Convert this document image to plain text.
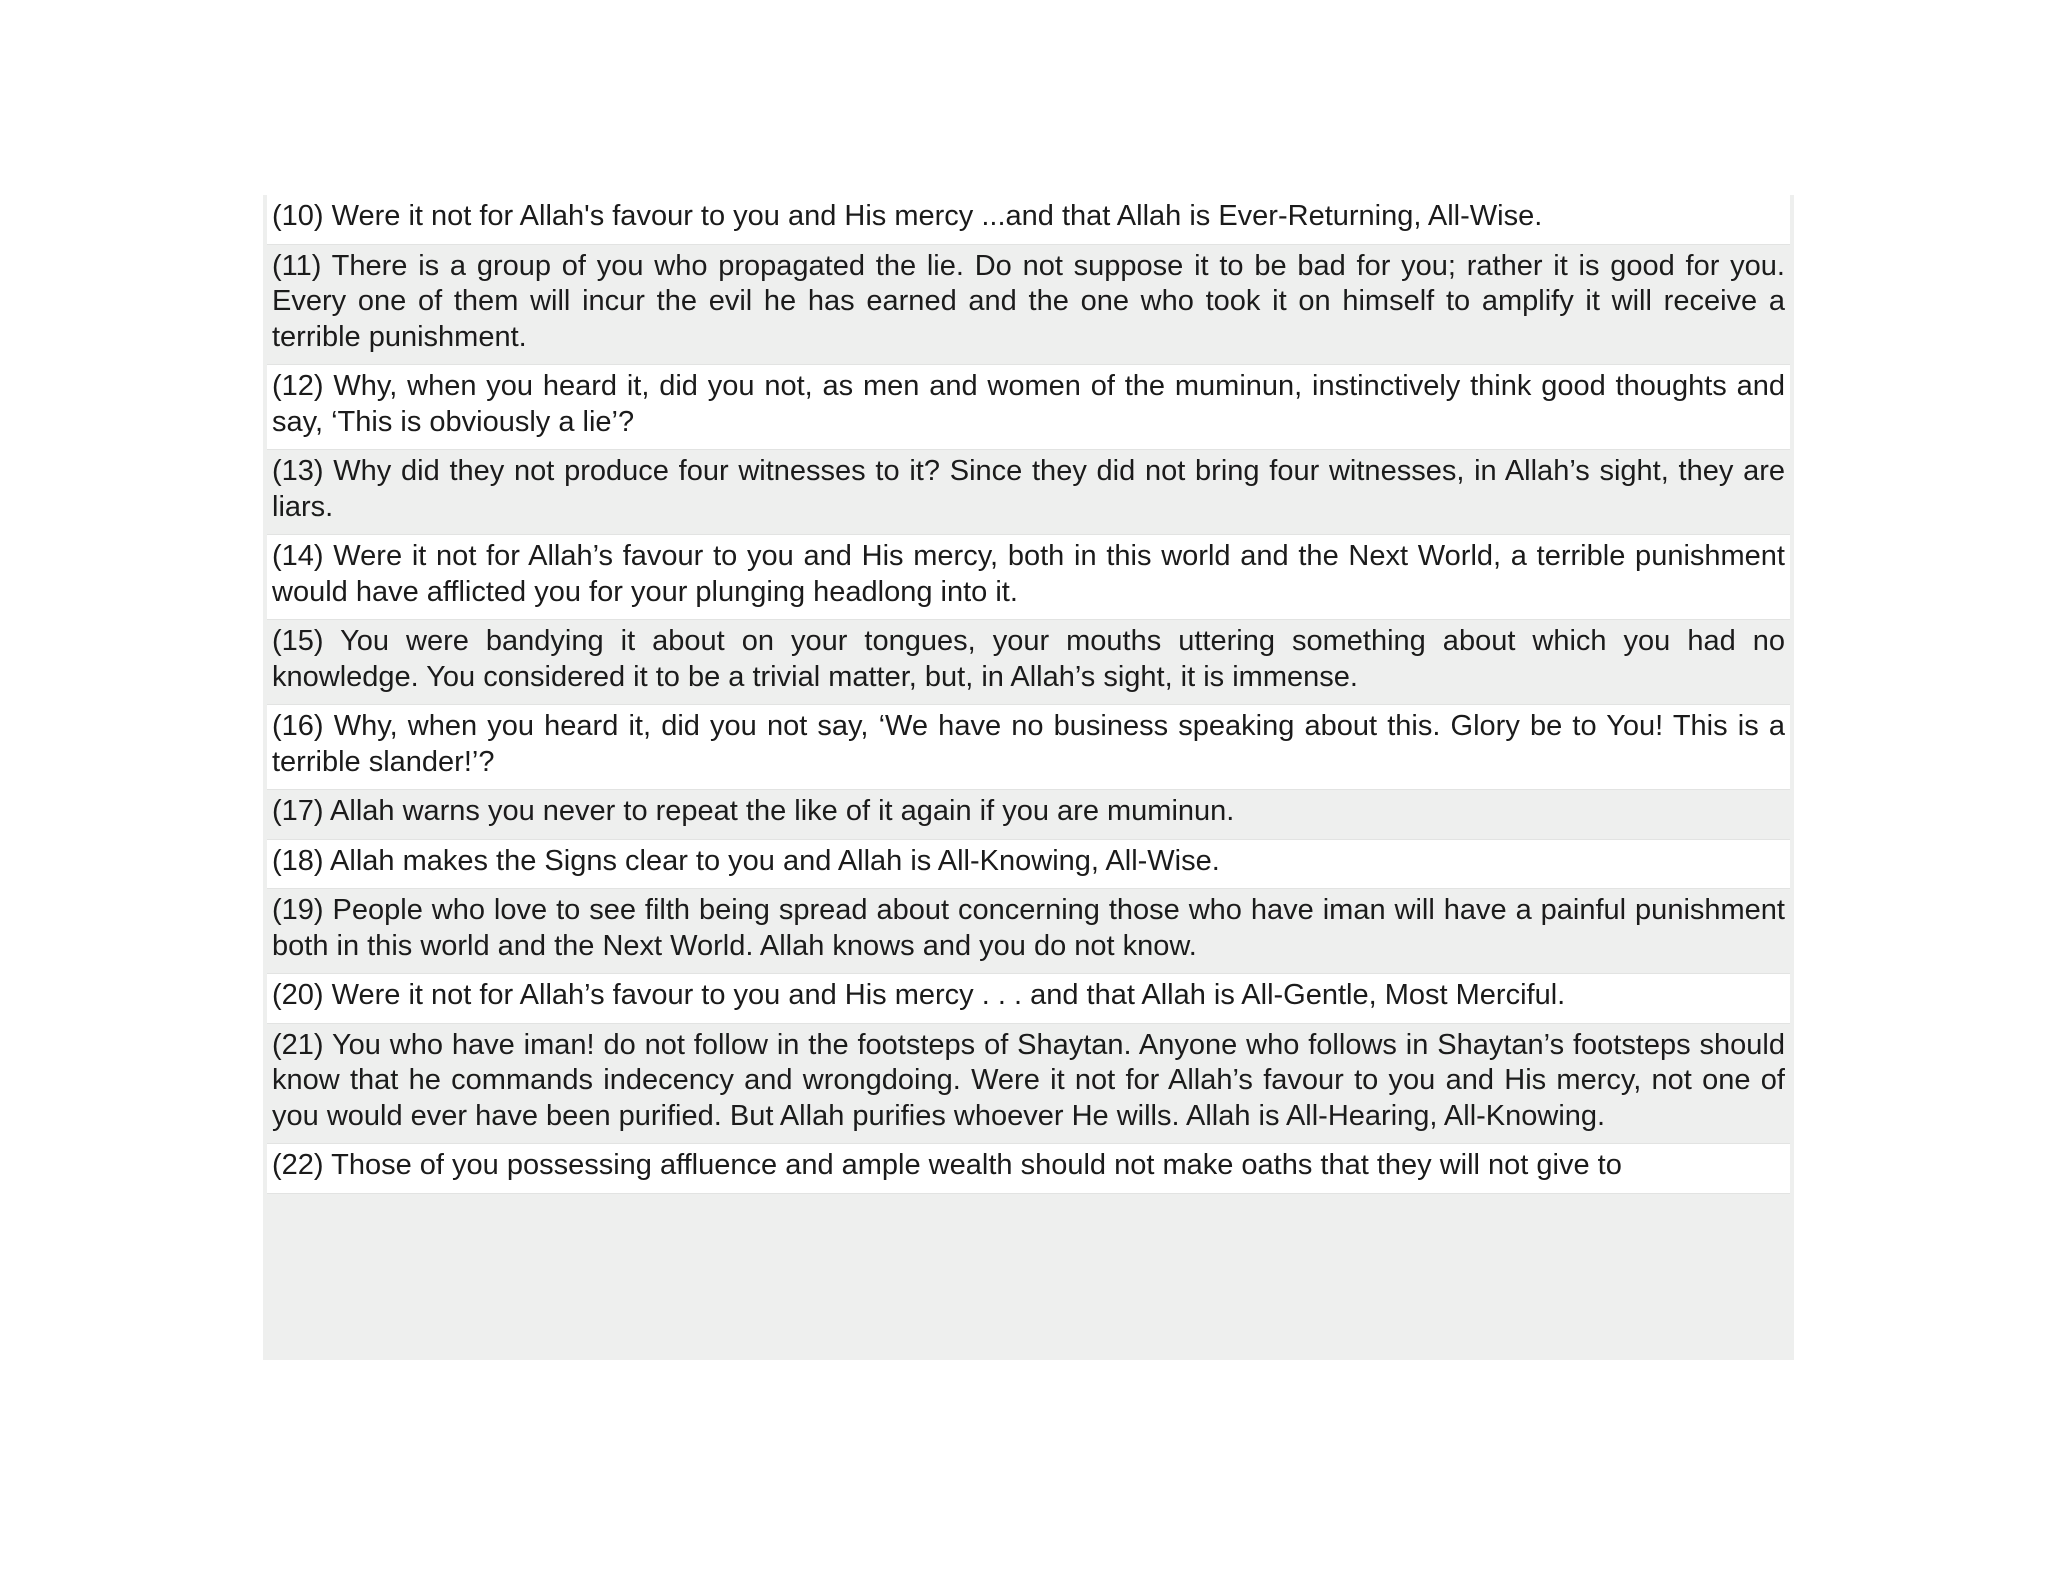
(10) Were it not for Allah's favour to you and His mercy ...and that Allah is Ever-Returning, All-Wise.
(11) There is a group of you who propagated the lie. Do not suppose it to be bad for you; rather it is good for you. Every one of them will incur the evil he has earned and the one who took it on himself to amplify it will receive a terrible punishment.
(12) Why, when you heard it, did you not, as men and women of the muminun, instinctively think good thoughts and say, ‘This is obviously a lie’?
(13) Why did they not produce four witnesses to it? Since they did not bring four witnesses, in Allah’s sight, they are liars.
(14) Were it not for Allah’s favour to you and His mercy, both in this world and the Next World, a terrible punishment would have afflicted you for your plunging headlong into it.
(15) You were bandying it about on your tongues, your mouths uttering something about which you had no knowledge. You considered it to be a trivial matter, but, in Allah’s sight, it is immense.
(16) Why, when you heard it, did you not say, ‘We have no business speaking about this. Glory be to You! This is a terrible slander!’?
(17) Allah warns you never to repeat the like of it again if you are muminun.
(18) Allah makes the Signs clear to you and Allah is All-Knowing, All-Wise.
(19) People who love to see filth being spread about concerning those who have iman will have a painful punishment both in this world and the Next World. Allah knows and you do not know.
(20) Were it not for Allah’s favour to you and His mercy . . . and that Allah is All-Gentle, Most Merciful.
(21) You who have iman! do not follow in the footsteps of Shaytan. Anyone who follows in Shaytan’s footsteps should know that he commands indecency and wrongdoing. Were it not for Allah’s favour to you and His mercy, not one of you would ever have been purified. But Allah purifies whoever He wills. Allah is All-Hearing, All-Knowing.
(22) Those of you possessing affluence and ample wealth should not make oaths that they will not give to
